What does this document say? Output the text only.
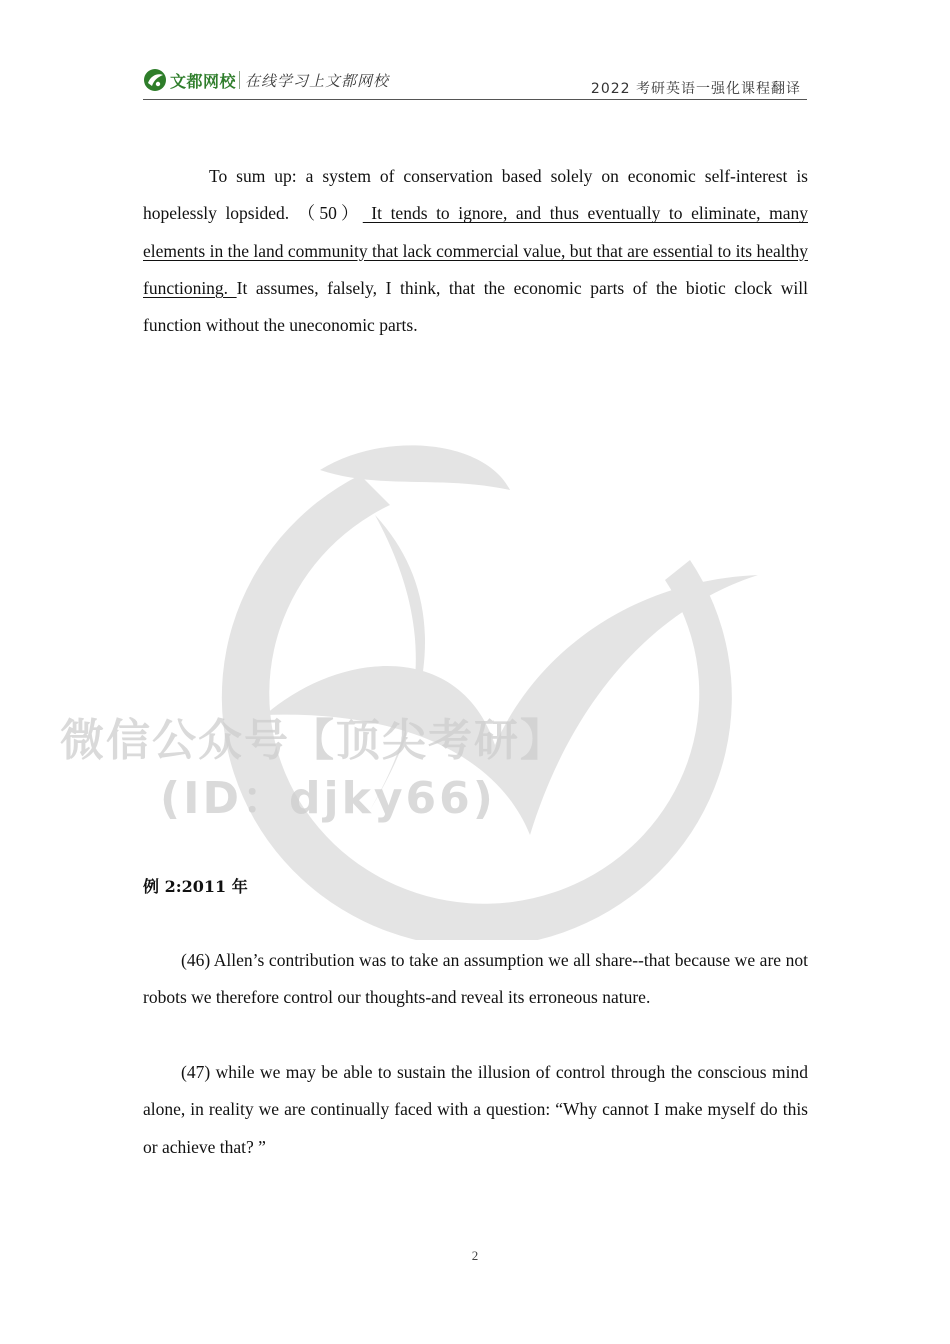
文都网校 在线学习上文都网校	2022 考研英语一强化课程翻译
微信公众号【顶尖考研】
(ID：djky66)
To sum up: a system of conservation based solely on economic self-interest is hopelessly lopsided. （50） It tends to ignore, and thus eventually to eliminate, many elements in the land community that lack commercial value, but that are essential to its healthy functioning. It assumes, falsely, I think, that the economic parts of the biotic clock will function without the uneconomic parts.
例 2:2011 年
(46) Allen’s contribution was to take an assumption we all share--that because we are not robots we therefore control our thoughts-and reveal its erroneous nature.
(47) while we may be able to sustain the illusion of control through the conscious mind alone, in reality we are continually faced with a question: “Why cannot I make myself do this or achieve that? ”
2
